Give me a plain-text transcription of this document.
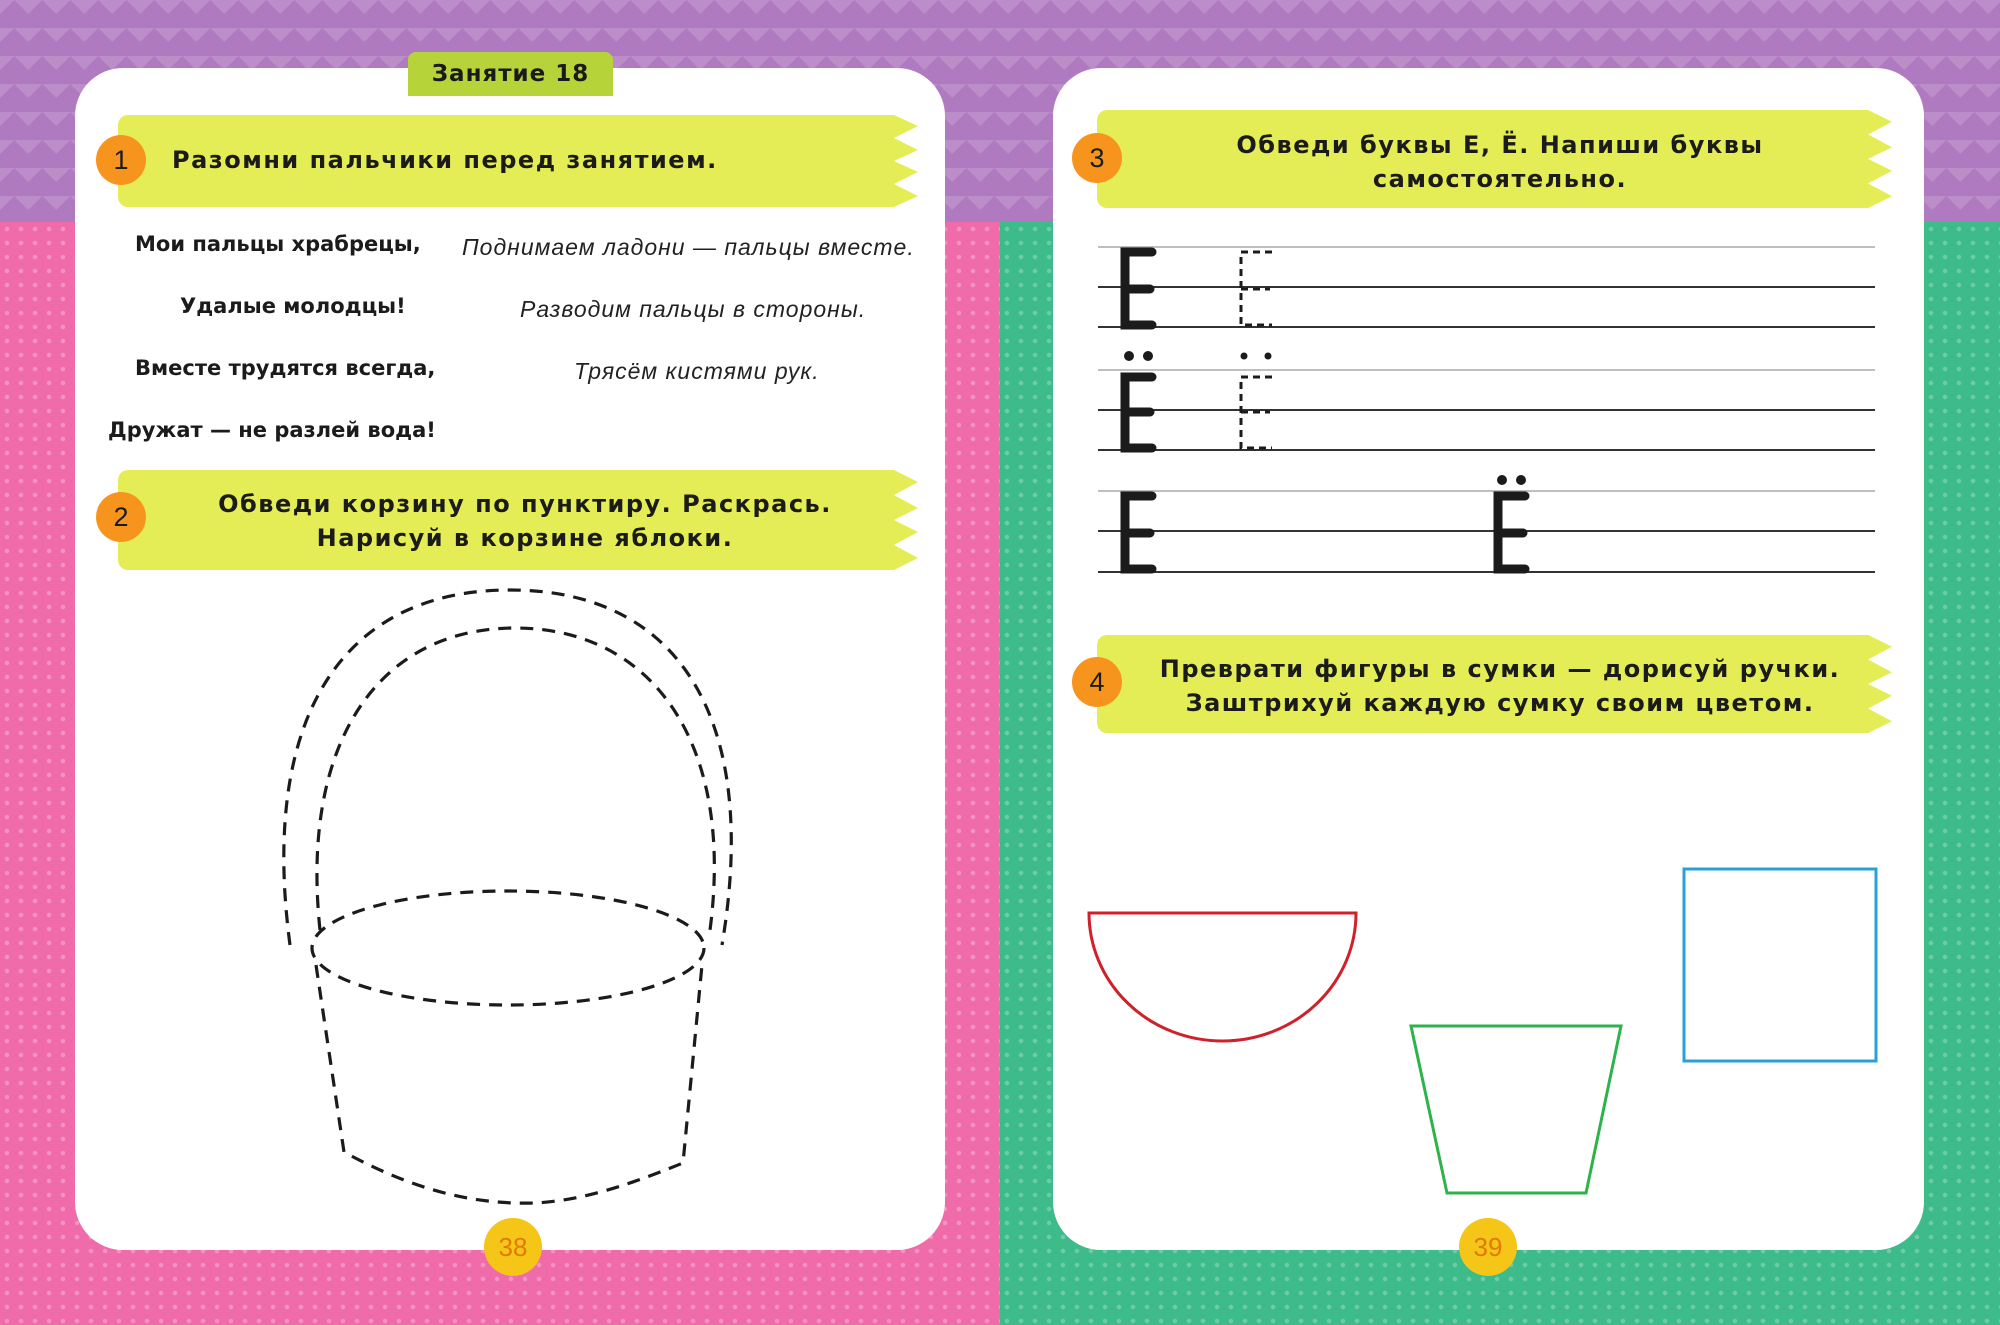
Занятие 18
1	Разомни пальчики перед занятием.
Мои пальцы храбрецы,
Удалые молодцы!
Вместе трудятся всегда,
Дружат — не разлей вода!
Поднимаем ладони — пальцы вместе.
Разводим пальцы в стороны.
Трясём кистями рук.
2	Обведи корзину по пунктиру. Раскрась.
Нарисуй в корзине яблоки.
38
3	Обведи буквы Е, Ё. Напиши буквы
самостоятельно.
4	Преврати фигуры в сумки — дорисуй ручки.
Заштрихуй каждую сумку своим цветом.
39
